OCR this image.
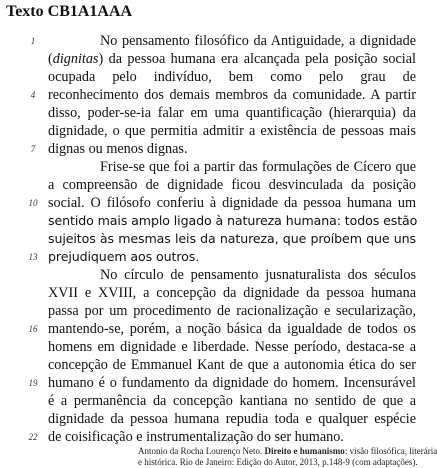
Texto CB1A1AAA
1
4
7
10
13
16
19
22
No pensamento filosófico da Antiguidade, a dignidade
(dignitas) da pessoa humana era alcançada pela posição social
ocupada pelo indivíduo, bem como pelo grau de
reconhecimento dos demais membros da comunidade. A partir
disso, poder-se-ia falar em uma quantificação (hierarquia) da
dignidade, o que permitia admitir a existência de pessoas mais
dignas ou menos dignas.
Frise-se que foi a partir das formulações de Cícero que
a compreensão de dignidade ficou desvinculada da posição
social. O filósofo conferiu à dignidade da pessoa humana um
sentido mais amplo ligado à natureza humana: todos estão
sujeitos às mesmas leis da natureza, que proíbem que uns
prejudiquem aos outros.
No círculo de pensamento jusnaturalista dos séculos
XVII e XVIII, a concepção da dignidade da pessoa humana
passa por um procedimento de racionalização e secularização,
mantendo-se, porém, a noção básica da igualdade de todos os
homens em dignidade e liberdade. Nesse período, destaca-se a
concepção de Emmanuel Kant de que a autonomia ética do ser
humano é o fundamento da dignidade do homem. Incensurável
é a permanência da concepção kantiana no sentido de que a
dignidade da pessoa humana repudia toda e qualquer espécie
de coisificação e instrumentalização do ser humano.
Antonio da Rocha Lourenço Neto. Direito e humanismo: visão filosófica, literária
e histórica. Rio de Janeiro: Edição do Autor, 2013, p.148-9 (com adaptações).
